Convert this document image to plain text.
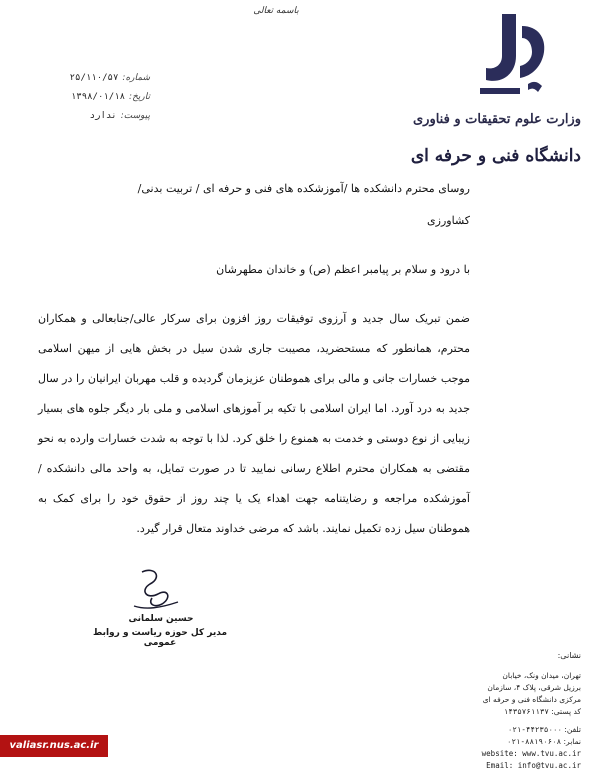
باسمه تعالی
شماره:
۲۵/۱۱۰/۵۷
تاریخ:
۱۳۹۸/۰۱/۱۸
پیوست:
ندارد	وزارت علوم تحقیقات و فناوری
دانشگاه فنی و حرفه ای
روسای محترم دانشکده ها /آموزشکده های فنی و حرفه ای / تربیت بدنی/
کشاورزی
با درود و سلام بر پیامبر اعظم (ص) و خاندان مطهرشان
ضمن تبریک سال جدید و آرزوی توفیقات روز افزون برای سرکار عالی/جنابعالی و همکاران محترم، همانطور که مستحضرید، مصیبت جاری شدن سیل در بخش هایی از میهن اسلامی موجب خسارات جانی و مالی برای هموطنان عزیزمان گردیده و قلب مهربان ایرانیان را در سال جدید به درد آورد. اما ایران اسلامی با تکیه بر آموزهای اسلامی و ملی بار دیگر جلوه های بسیار زیبایی از نوع دوستی و خدمت به همنوع را خلق کرد. لذا با توجه به شدت خسارات وارده به نحو مقتضی به همکاران محترم اطلاع رسانی نمایید تا در صورت تمایل، به واحد مالی دانشکده /آموزشکده مراجعه و رضایتنامه جهت اهداء یک یا چند روز از حقوق خود را برای کمک به هموطنان سیل زده تکمیل نمایند. باشد که مرضی خداوند متعال قرار گیرد.
حسین سلمانی
مدیر کل حوزه ریاست و روابط عمومی
نشانی:
تهران، میدان ونک، خیابان
برزیل شرقی، پلاک ۴، سازمان
مرکزی دانشگاه فنی و حرفه ای
کد پستی: ۱۴۳۵۷۶۱۱۳۷
تلفن: ۰۲۱-۴۴۲۳۵۰۰۰
نمابر: ۰۲۱-۸۸۱۹۰۶۰۸
website: www.tvu.ac.ir
Email: info@tvu.ac.ir
valiasr.nus.ac.ir
